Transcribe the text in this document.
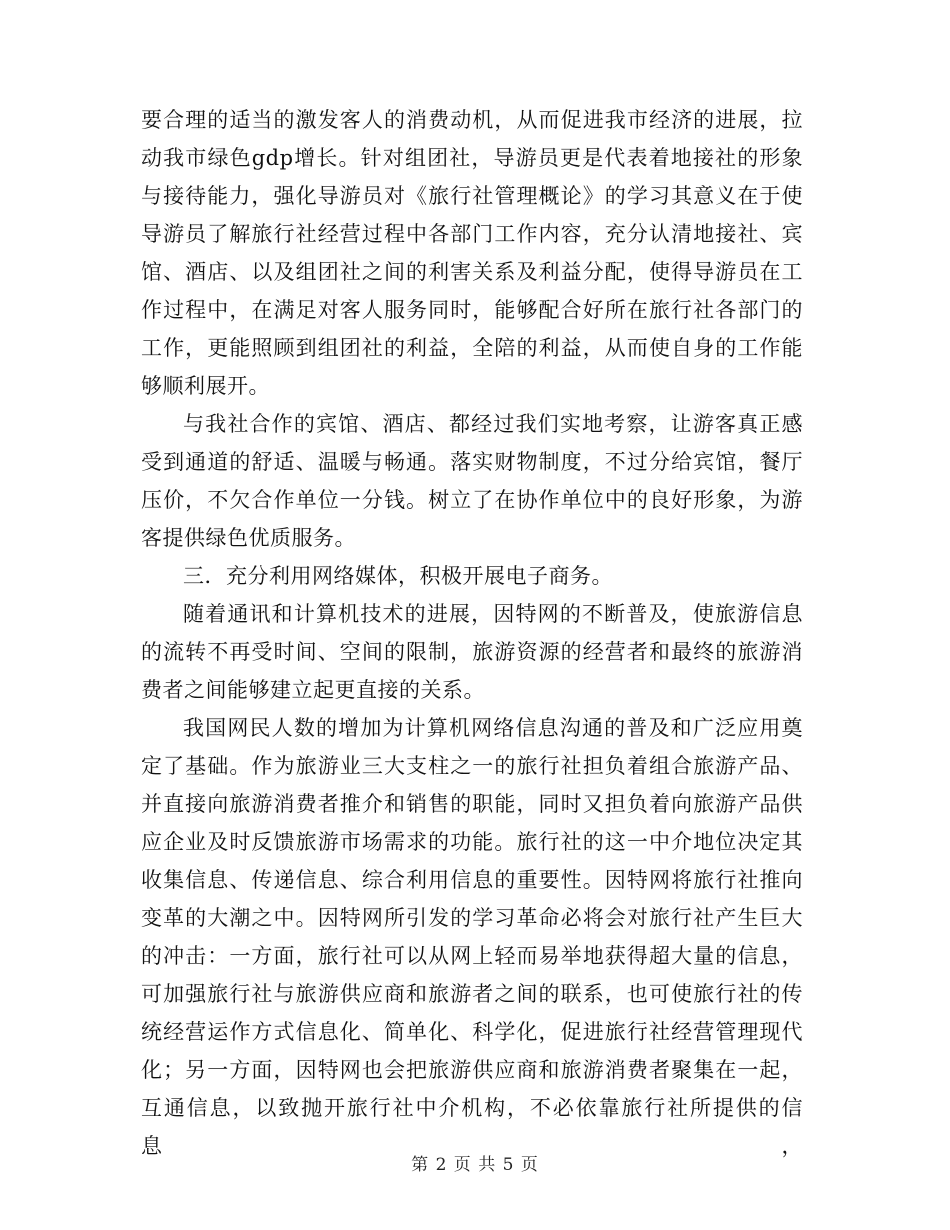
要合理的适当的激发客人的消费动机，从而促进我市经济的进展，拉
动我市绿色gdp增长。针对组团社，导游员更是代表着地接社的形象
与接待能力，强化导游员对《旅行社管理概论》的学习其意义在于使
导游员了解旅行社经营过程中各部门工作内容，充分认清地接社、宾
馆、酒店、以及组团社之间的利害关系及利益分配，使得导游员在工
作过程中，在满足对客人服务同时，能够配合好所在旅行社各部门的
工作，更能照顾到组团社的利益，全陪的利益，从而使自身的工作能
够顺利展开。
与我社合作的宾馆、酒店、都经过我们实地考察，让游客真正感
受到通道的舒适、温暖与畅通。落实财物制度，不过分给宾馆，餐厅
压价，不欠合作单位一分钱。树立了在协作单位中的良好形象，为游
客提供绿色优质服务。
三．充分利用网络媒体，积极开展电子商务。
随着通讯和计算机技术的进展，因特网的不断普及，使旅游信息
的流转不再受时间、空间的限制，旅游资源的经营者和最终的旅游消
费者之间能够建立起更直接的关系。
我国网民人数的增加为计算机网络信息沟通的普及和广泛应用奠
定了基础。作为旅游业三大支柱之一的旅行社担负着组合旅游产品、
并直接向旅游消费者推介和销售的职能，同时又担负着向旅游产品供
应企业及时反馈旅游市场需求的功能。旅行社的这一中介地位决定其
收集信息、传递信息、综合利用信息的重要性。因特网将旅行社推向
变革的大潮之中。因特网所引发的学习革命必将会对旅行社产生巨大
的冲击：一方面，旅行社可以从网上轻而易举地获得超大量的信息，
可加强旅行社与旅游供应商和旅游者之间的联系，也可使旅行社的传
统经营运作方式信息化、简单化、科学化，促进旅行社经营管理现代
化；另一方面，因特网也会把旅游供应商和旅游消费者聚集在一起，
互通信息，以致抛开旅行社中介机构，不必依靠旅行社所提供的信息，
第 2 页 共 5 页
